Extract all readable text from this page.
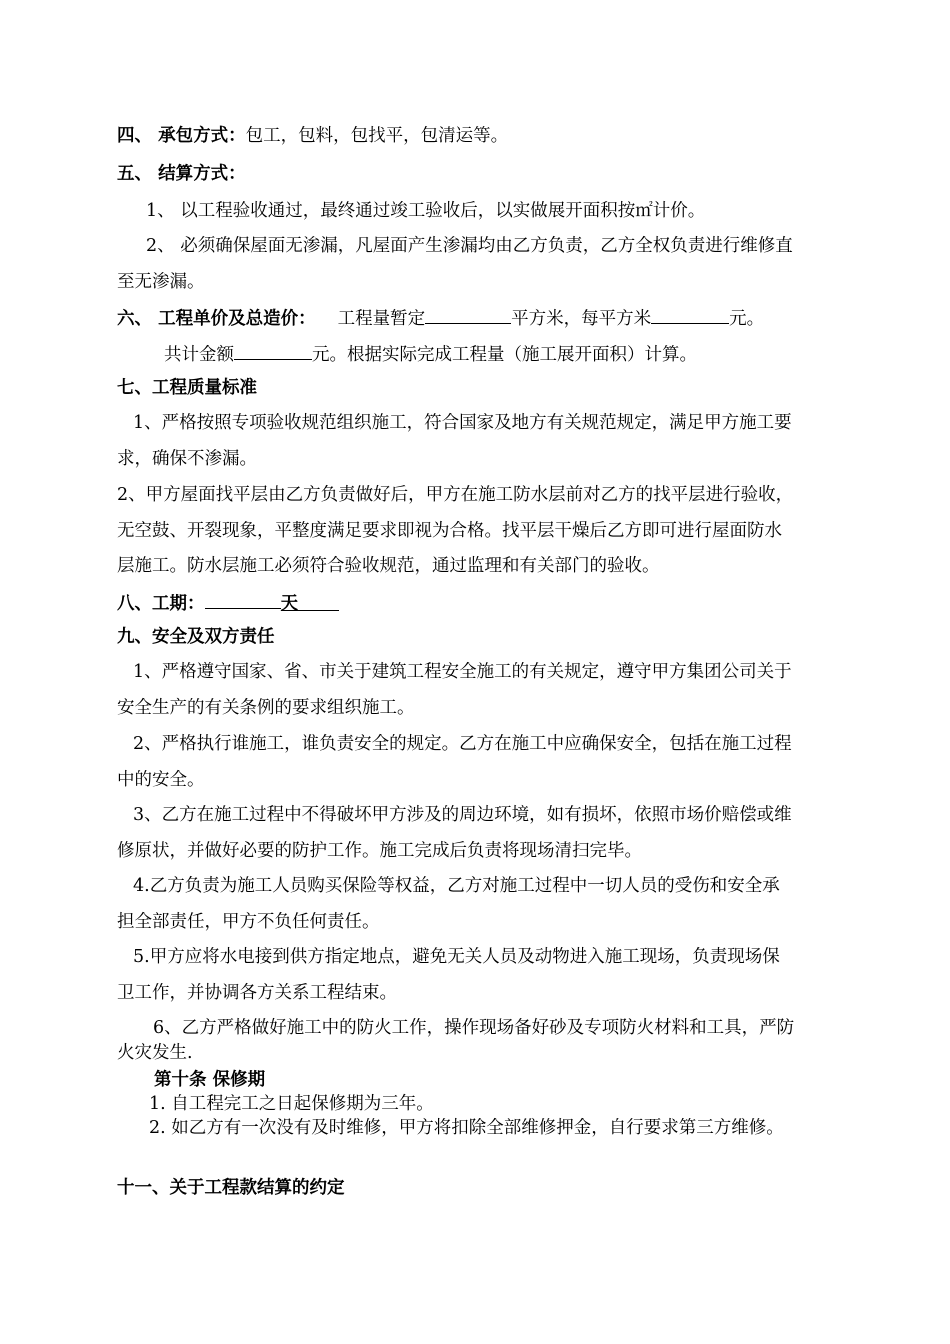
四、 承包方式：包工，包料，包找平，包清运等。
五、 结算方式：
1、 以工程验收通过，最终通过竣工验收后，以实做展开面积按㎡计价。
2、 必须确保屋面无渗漏，凡屋面产生渗漏均由乙方负责，乙方全权负责进行维修直
至无渗漏。
六、 工程单价及总造价： 工程量暂定	平方米，每平方米	元。
共计金额	元。根据实际完成工程量（施工展开面积）计算。
七、工程质量标准
1、严格按照专项验收规范组织施工，符合国家及地方有关规范规定，满足甲方施工要
求，确保不渗漏。
2、甲方屋面找平层由乙方负责做好后，甲方在施工防水层前对乙方的找平层进行验收，
无空鼓、开裂现象，平整度满足要求即视为合格。找平层干燥后乙方即可进行屋面防水
层施工。防水层施工必须符合验收规范，通过监理和有关部门的验收。
八、工期：	天
九、安全及双方责任
1、严格遵守国家、省、市关于建筑工程安全施工的有关规定，遵守甲方集团公司关于
安全生产的有关条例的要求组织施工。
2、严格执行谁施工，谁负责安全的规定。乙方在施工中应确保安全，包括在施工过程
中的安全。
3、乙方在施工过程中不得破坏甲方涉及的周边环境，如有损坏，依照市场价赔偿或维
修原状，并做好必要的防护工作。施工完成后负责将现场清扫完毕。
4.乙方负责为施工人员购买保险等权益，乙方对施工过程中一切人员的受伤和安全承
担全部责任，甲方不负任何责任。
5.甲方应将水电接到供方指定地点，避免无关人员及动物进入施工现场，负责现场保
卫工作，并协调各方关系工程结束。
6、乙方严格做好施工中的防火工作，操作现场备好砂及专项防火材料和工具，严防
火灾发生.
第十条 保修期
1. 自工程完工之日起保修期为三年。
2. 如乙方有一次没有及时维修，甲方将扣除全部维修押金，自行要求第三方维修。
十一、关于工程款结算的约定
